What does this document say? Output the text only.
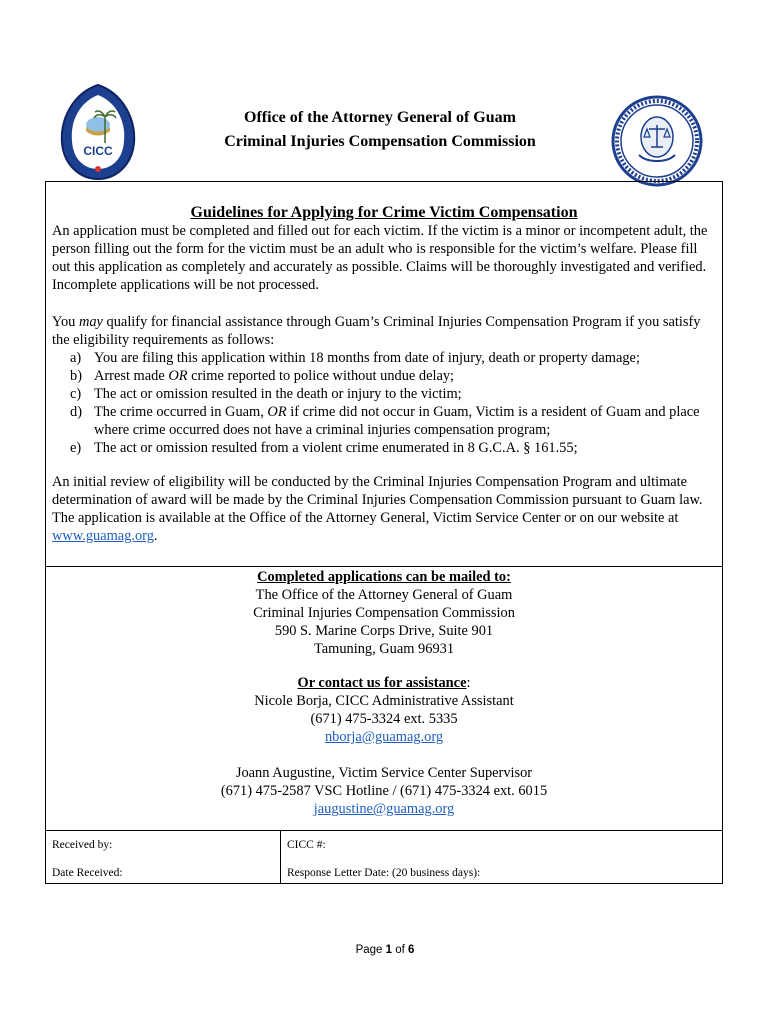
CICC
Office of the Attorney General of Guam
Criminal Injuries Compensation Commission
Guidelines for Applying for Crime Victim Compensation

An application must be completed and filled out for each victim. If the victim is a minor or incompetent adult, the person filling out the form for the victim must be an adult who is responsible for the victim’s welfare. Please fill out this application as completely and accurately as possible. Claims will be thoroughly investigated and verified. Incomplete applications will be not processed.

You may qualify for financial assistance through Guam’s Criminal Injuries Compensation Program if you satisfy the eligibility requirements as follows:

a) You are filing this application within 18 months from date of injury, death or property damage;
b) Arrest made OR crime reported to police without undue delay;
c) The act or omission resulted in the death or injury to the victim;
d) The crime occurred in Guam, OR if crime did not occur in Guam, Victim is a resident of Guam and place where crime occurred does not have a criminal injuries compensation program;
e) The act or omission resulted from a violent crime enumerated in 8 G.C.A. § 161.55;

An initial review of eligibility will be conducted by the Criminal Injuries Compensation Program and ultimate determination of award will be made by the Criminal Injuries Compensation Commission pursuant to Guam law. The application is available at the Office of the Attorney General, Victim Service Center or on our website at www.guamag.org.

Completed applications can be mailed to:
The Office of the Attorney General of Guam
Criminal Injuries Compensation Commission
590 S. Marine Corps Drive, Suite 901
Tamuning, Guam 96931
Or contact us for assistance:
Nicole Borja, CICC Administrative Assistant
(671) 475-3324 ext. 5335
nborja@guamag.org
Joann Augustine, Victim Service Center Supervisor
(671) 475-2587 VSC Hotline / (671) 475-3324 ext. 6015
jaugustine@guamag.org
Received by:	CICC #:
Date Received:	Response Letter Date: (20 business days):
Page 1 of 6
